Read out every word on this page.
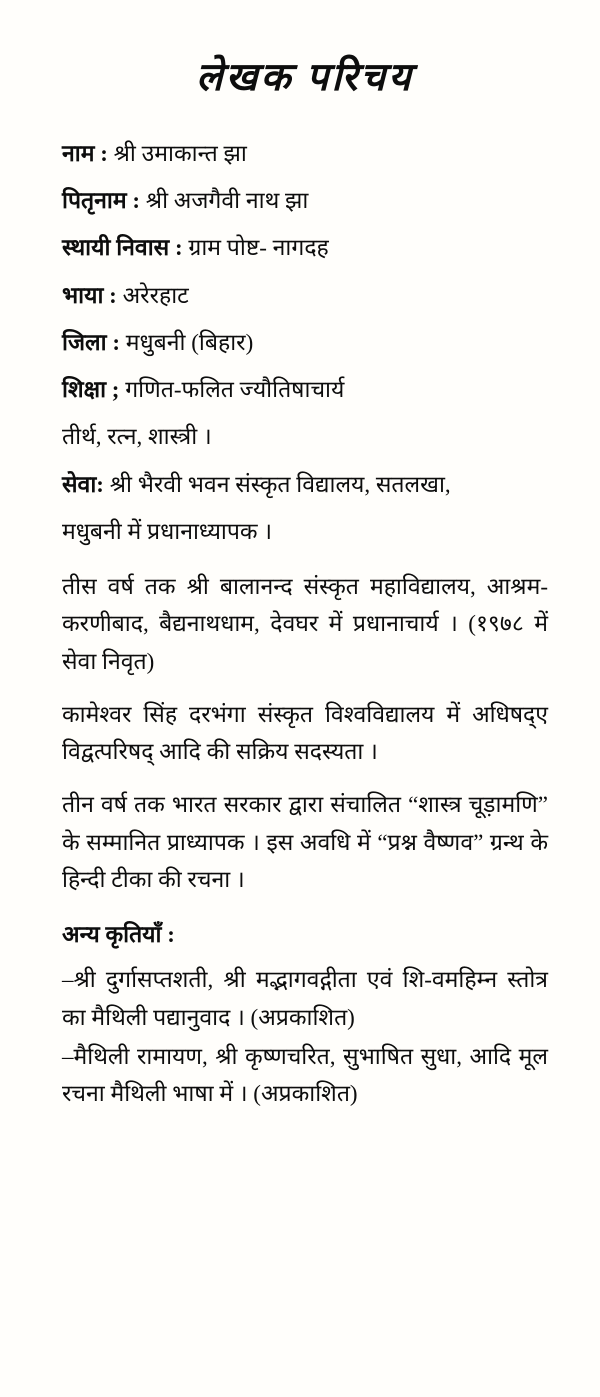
लेखक परिचय

नाम : श्री उमाकान्त झा

पितृनाम : श्री अजगैवी नाथ झा

स्थायी निवास : ग्राम पोष्ट- नागदह

भाया : अरेरहाट

जिला : मधुबनी (बिहार)

शिक्षा ; गणित-फलित ज्यौतिषाचार्य

तीर्थ, रत्न, शास्त्री ।

सेवा: श्री भैरवी भवन संस्कृत विद्यालय, सतलखा,

मधुबनी में प्रधानाध्यापक ।

तीस वर्ष तक श्री बालानन्द संस्कृत महाविद्यालय, आश्रम-करणीबाद, बैद्यनाथधाम, देवघर में प्रधानाचार्य । (१९७८ में सेवा निवृत)

कामेश्वर सिंह दरभंगा संस्कृत विश्वविद्यालय में अधिषद्ए विद्वत्परिषद् आदि की सक्रिय सदस्यता ।

तीन वर्ष तक भारत सरकार द्वारा संचालित “शास्त्र चूड़ामणि” के सम्मानित प्राध्यापक । इस अवधि में “प्रश्न वैष्णव” ग्रन्थ के हिन्दी टीका की रचना ।

अन्य कृतियाँ :

–श्री दुर्गासप्तशती, श्री मद्भागवद्गीता एवं शि-वमहिम्न स्तोत्र का मैथिली पद्यानुवाद । (अप्रकाशित)

–मैथिली रामायण, श्री कृष्णचरित, सुभाषित सुधा, आदि मूल रचना मैथिली भाषा में । (अप्रकाशित)
